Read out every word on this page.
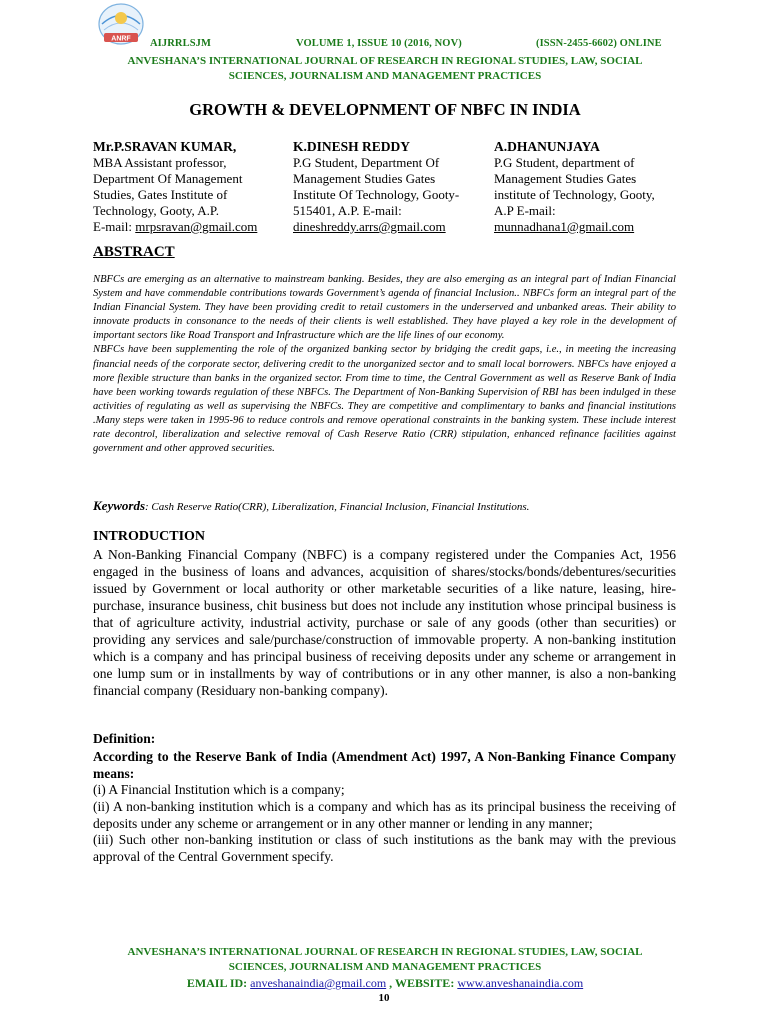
ANRF AIJRRLSJM	VOLUME 1, ISSUE 10 (2016, NOV)	(ISSN-2455-6602) ONLINE
ANVESHANA’S INTERNATIONAL JOURNAL OF RESEARCH IN REGIONAL STUDIES, LAW, SOCIAL
SCIENCES, JOURNALISM AND MANAGEMENT PRACTICES
GROWTH & DEVELOPNMENT OF NBFC IN INDIA
Mr.P.SRAVAN KUMAR,
MBA Assistant professor, Department Of Management Studies, Gates Institute of Technology, Gooty, A.P.
E-mail: mrpsravan@gmail.com
K.DINESH REDDY
P.G Student, Department Of Management Studies Gates Institute Of Technology, Gooty-515401, A.P. E-mail:
dineshreddy.arrs@gmail.com
A.DHANUNJAYA
P.G Student, department of Management Studies Gates institute of Technology, Gooty, A.P E-mail:
munnadhana1@gmail.com
ABSTRACT

NBFCs are emerging as an alternative to mainstream banking. Besides, they are also emerging as an integral part of Indian Financial System and have commendable contributions towards Government’s agenda of financial Inclusion.. NBFCs form an integral part of the Indian Financial System. They have been providing credit to retail customers in the underserved and unbanked areas. Their ability to innovate products in consonance to the needs of their clients is well established. They have played a key role in the development of important sectors like Road Transport and Infrastructure which are the life lines of our economy.

NBFCs have been supplementing the role of the organized banking sector by bridging the credit gaps, i.e., in meeting the increasing financial needs of the corporate sector, delivering credit to the unorganized sector and to small local borrowers. NBFCs have enjoyed a more flexible structure than banks in the organized sector. From time to time, the Central Government as well as Reserve Bank of India have been working towards regulation of these NBFCs. The Department of Non-Banking Supervision of RBI has been indulged in these activities of regulating as well as supervising the NBFCs. They are competitive and complimentary to banks and financial institutions .Many steps were taken in 1995-96 to reduce controls and remove operational constraints in the banking system. These include interest rate decontrol, liberalization and selective removal of Cash Reserve Ratio (CRR) stipulation, enhanced refinance facilities against government and other approved securities.

Keywords: Cash Reserve Ratio(CRR), Liberalization, Financial Inclusion, Financial Institutions.
INTRODUCTION

A Non-Banking Financial Company (NBFC) is a company registered under the Companies Act, 1956 engaged in the business of loans and advances, acquisition of shares/stocks/bonds/debentures/securities issued by Government or local authority or other marketable securities of a like nature, leasing, hire-purchase, insurance business, chit business but does not include any institution whose principal business is that of agriculture activity, industrial activity, purchase or sale of any goods (other than securities) or providing any services and sale/purchase/construction of immovable property. A non-banking institution which is a company and has principal business of receiving deposits under any scheme or arrangement in one lump sum or in installments by way of contributions or in any other manner, is also a non-banking financial company (Residuary non-banking company).

Definition:

According to the Reserve Bank of India (Amendment Act) 1997, A Non-Banking Finance Company means:

(i) A Financial Institution which is a company;
(ii) A non-banking institution which is a company and which has as its principal business the receiving of deposits under any scheme or arrangement or in any other manner or lending in any manner;
(iii) Such other non-banking institution or class of such institutions as the bank may with the previous approval of the Central Government specify.
ANVESHANA’S INTERNATIONAL JOURNAL OF RESEARCH IN REGIONAL STUDIES, LAW, SOCIAL
SCIENCES, JOURNALISM AND MANAGEMENT PRACTICES
EMAIL ID: anveshanaindia@gmail.com , WEBSITE: www.anveshanaindia.com
10
